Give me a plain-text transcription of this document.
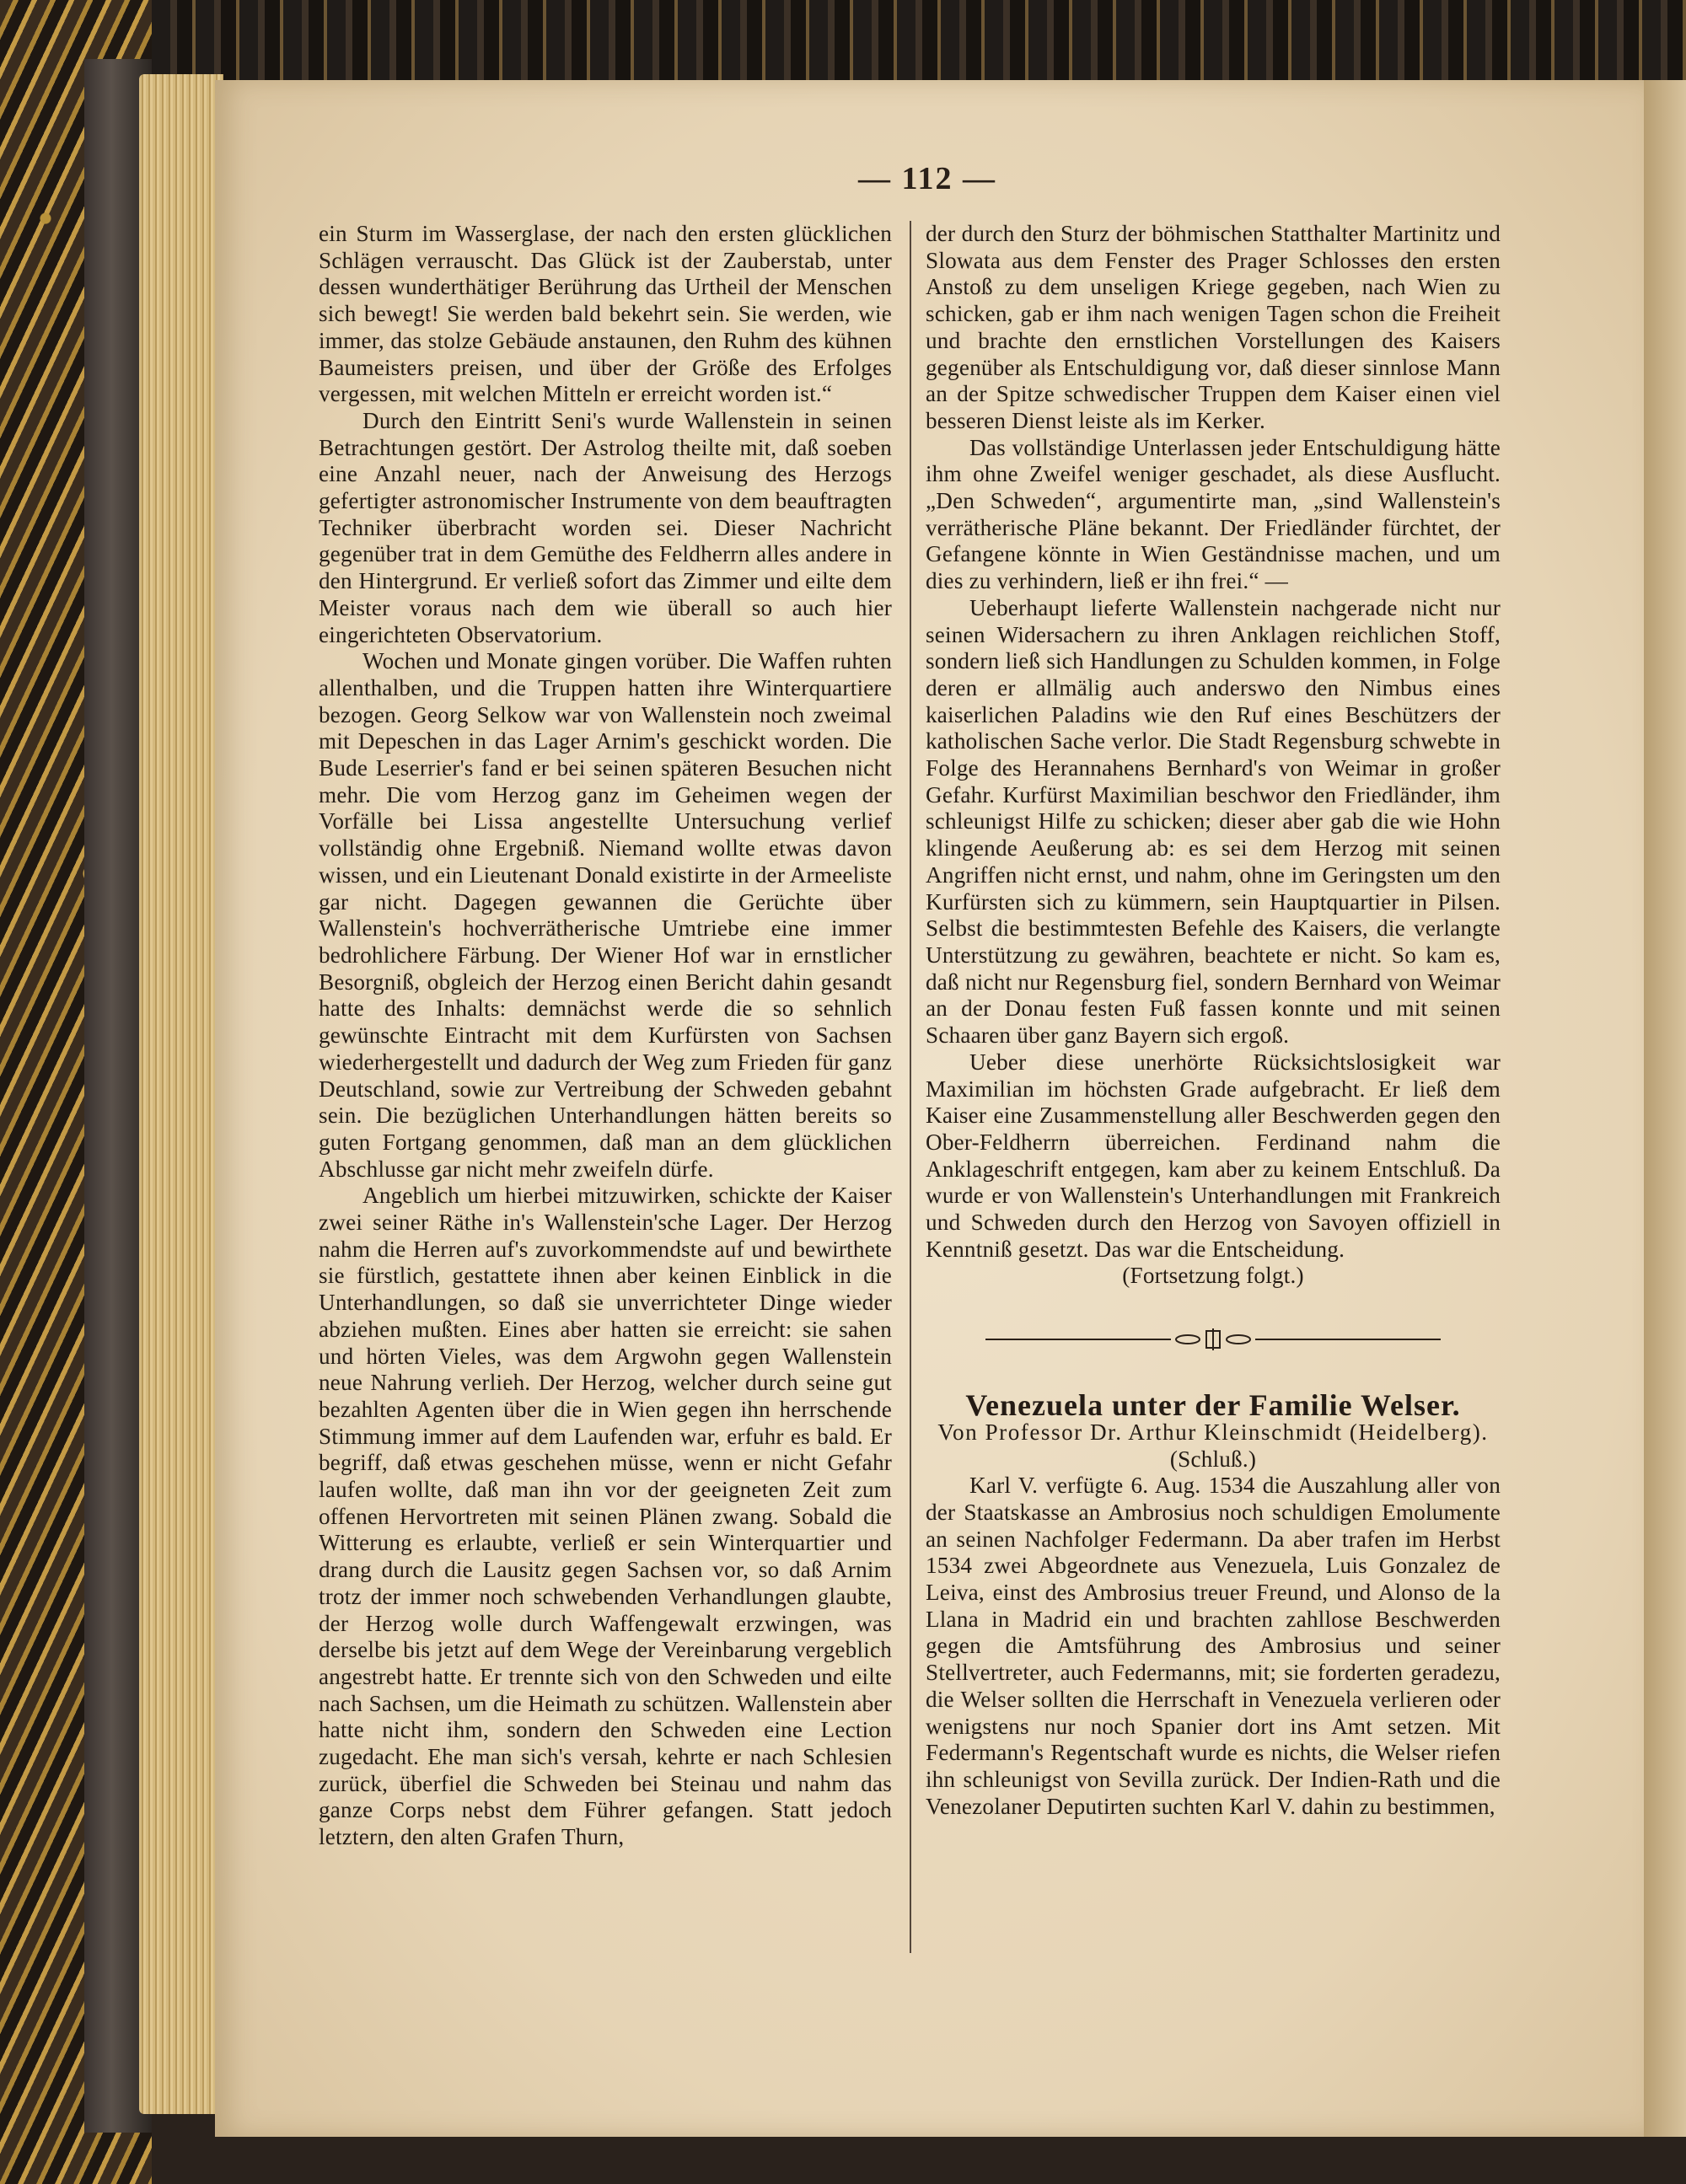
— 112 —

ein Sturm im Wasserglase, der nach den ersten glücklichen Schlägen verrauscht. Das Glück ist der Zauberstab, unter dessen wunderthätiger Berührung das Urtheil der Menschen sich bewegt! Sie werden bald bekehrt sein. Sie werden, wie immer, das stolze Gebäude anstaunen, den Ruhm des kühnen Baumeisters preisen, und über der Größe des Erfolges vergessen, mit welchen Mitteln er erreicht worden ist.“

Durch den Eintritt Seni's wurde Wallenstein in seinen Betrachtungen gestört. Der Astrolog theilte mit, daß soeben eine Anzahl neuer, nach der Anweisung des Herzogs gefertigter astronomischer Instrumente von dem beauftragten Techniker überbracht worden sei. Dieser Nachricht gegenüber trat in dem Gemüthe des Feldherrn alles andere in den Hintergrund. Er verließ sofort das Zimmer und eilte dem Meister voraus nach dem wie überall so auch hier eingerichteten Observatorium.

Wochen und Monate gingen vorüber. Die Waffen ruhten allenthalben, und die Truppen hatten ihre Winterquartiere bezogen. Georg Selkow war von Wallenstein noch zweimal mit Depeschen in das Lager Arnim's geschickt worden. Die Bude Leserrier's fand er bei seinen späteren Besuchen nicht mehr. Die vom Herzog ganz im Geheimen wegen der Vorfälle bei Lissa angestellte Untersuchung verlief vollständig ohne Ergebniß. Niemand wollte etwas davon wissen, und ein Lieutenant Donald existirte in der Armeeliste gar nicht. Dagegen gewannen die Gerüchte über Wallenstein's hochverrätherische Umtriebe eine immer bedrohlichere Färbung. Der Wiener Hof war in ernstlicher Besorgniß, obgleich der Herzog einen Bericht dahin gesandt hatte des Inhalts: demnächst werde die so sehnlich gewünschte Eintracht mit dem Kurfürsten von Sachsen wiederhergestellt und dadurch der Weg zum Frieden für ganz Deutschland, sowie zur Vertreibung der Schweden gebahnt sein. Die bezüglichen Unterhandlungen hätten bereits so guten Fortgang genommen, daß man an dem glücklichen Abschlusse gar nicht mehr zweifeln dürfe.

Angeblich um hierbei mitzuwirken, schickte der Kaiser zwei seiner Räthe in's Wallenstein'sche Lager. Der Herzog nahm die Herren auf's zuvorkommendste auf und bewirthete sie fürstlich, gestattete ihnen aber keinen Einblick in die Unterhandlungen, so daß sie unverrichteter Dinge wieder abziehen mußten. Eines aber hatten sie erreicht: sie sahen und hörten Vieles, was dem Argwohn gegen Wallenstein neue Nahrung verlieh. Der Herzog, welcher durch seine gut bezahlten Agenten über die in Wien gegen ihn herrschende Stimmung immer auf dem Laufenden war, erfuhr es bald. Er begriff, daß etwas geschehen müsse, wenn er nicht Gefahr laufen wollte, daß man ihn vor der geeigneten Zeit zum offenen Hervortreten mit seinen Plänen zwang. Sobald die Witterung es erlaubte, verließ er sein Winterquartier und drang durch die Lausitz gegen Sachsen vor, so daß Arnim trotz der immer noch schwebenden Verhandlungen glaubte, der Herzog wolle durch Waffengewalt erzwingen, was derselbe bis jetzt auf dem Wege der Vereinbarung vergeblich angestrebt hatte. Er trennte sich von den Schweden und eilte nach Sachsen, um die Heimath zu schützen. Wallenstein aber hatte nicht ihm, sondern den Schweden eine Lection zugedacht. Ehe man sich's versah, kehrte er nach Schlesien zurück, überfiel die Schweden bei Steinau und nahm das ganze Corps nebst dem Führer gefangen. Statt jedoch letztern, den alten Grafen Thurn,

der durch den Sturz der böhmischen Statthalter Martinitz und Slowata aus dem Fenster des Prager Schlosses den ersten Anstoß zu dem unseligen Kriege gegeben, nach Wien zu schicken, gab er ihm nach wenigen Tagen schon die Freiheit und brachte den ernstlichen Vorstellungen des Kaisers gegenüber als Entschuldigung vor, daß dieser sinnlose Mann an der Spitze schwedischer Truppen dem Kaiser einen viel besseren Dienst leiste als im Kerker.

Das vollständige Unterlassen jeder Entschuldigung hätte ihm ohne Zweifel weniger geschadet, als diese Ausflucht. „Den Schweden“, argumentirte man, „sind Wallenstein's verrätherische Pläne bekannt. Der Friedländer fürchtet, der Gefangene könnte in Wien Geständnisse machen, und um dies zu verhindern, ließ er ihn frei.“ —

Ueberhaupt lieferte Wallenstein nachgerade nicht nur seinen Widersachern zu ihren Anklagen reichlichen Stoff, sondern ließ sich Handlungen zu Schulden kommen, in Folge deren er allmälig auch anderswo den Nimbus eines kaiserlichen Paladins wie den Ruf eines Beschützers der katholischen Sache verlor. Die Stadt Regensburg schwebte in Folge des Herannahens Bernhard's von Weimar in großer Gefahr. Kurfürst Maximilian beschwor den Friedländer, ihm schleunigst Hilfe zu schicken; dieser aber gab die wie Hohn klingende Aeußerung ab: es sei dem Herzog mit seinen Angriffen nicht ernst, und nahm, ohne im Geringsten um den Kurfürsten sich zu kümmern, sein Hauptquartier in Pilsen. Selbst die bestimmtesten Befehle des Kaisers, die verlangte Unterstützung zu gewähren, beachtete er nicht. So kam es, daß nicht nur Regensburg fiel, sondern Bernhard von Weimar an der Donau festen Fuß fassen konnte und mit seinen Schaaren über ganz Bayern sich ergoß.

Ueber diese unerhörte Rücksichtslosigkeit war Maximilian im höchsten Grade aufgebracht. Er ließ dem Kaiser eine Zusammenstellung aller Beschwerden gegen den Ober-Feldherrn überreichen. Ferdinand nahm die Anklageschrift entgegen, kam aber zu keinem Entschluß. Da wurde er von Wallenstein's Unterhandlungen mit Frankreich und Schweden durch den Herzog von Savoyen offiziell in Kenntniß gesetzt. Das war die Entscheidung.

(Fortsetzung folgt.)

Venezuela unter der Familie Welser.

Von Professor Dr. Arthur Kleinschmidt (Heidelberg).

(Schluß.)

Karl V. verfügte 6. Aug. 1534 die Auszahlung aller von der Staatskasse an Ambrosius noch schuldigen Emolumente an seinen Nachfolger Federmann. Da aber trafen im Herbst 1534 zwei Abgeordnete aus Venezuela, Luis Gonzalez de Leiva, einst des Ambrosius treuer Freund, und Alonso de la Llana in Madrid ein und brachten zahllose Beschwerden gegen die Amtsführung des Ambrosius und seiner Stellvertreter, auch Federmanns, mit; sie forderten geradezu, die Welser sollten die Herrschaft in Venezuela verlieren oder wenigstens nur noch Spanier dort ins Amt setzen. Mit Federmann's Regentschaft wurde es nichts, die Welser riefen ihn schleunigst von Sevilla zurück. Der Indien-Rath und die Venezolaner Deputirten suchten Karl V. dahin zu bestimmen,
